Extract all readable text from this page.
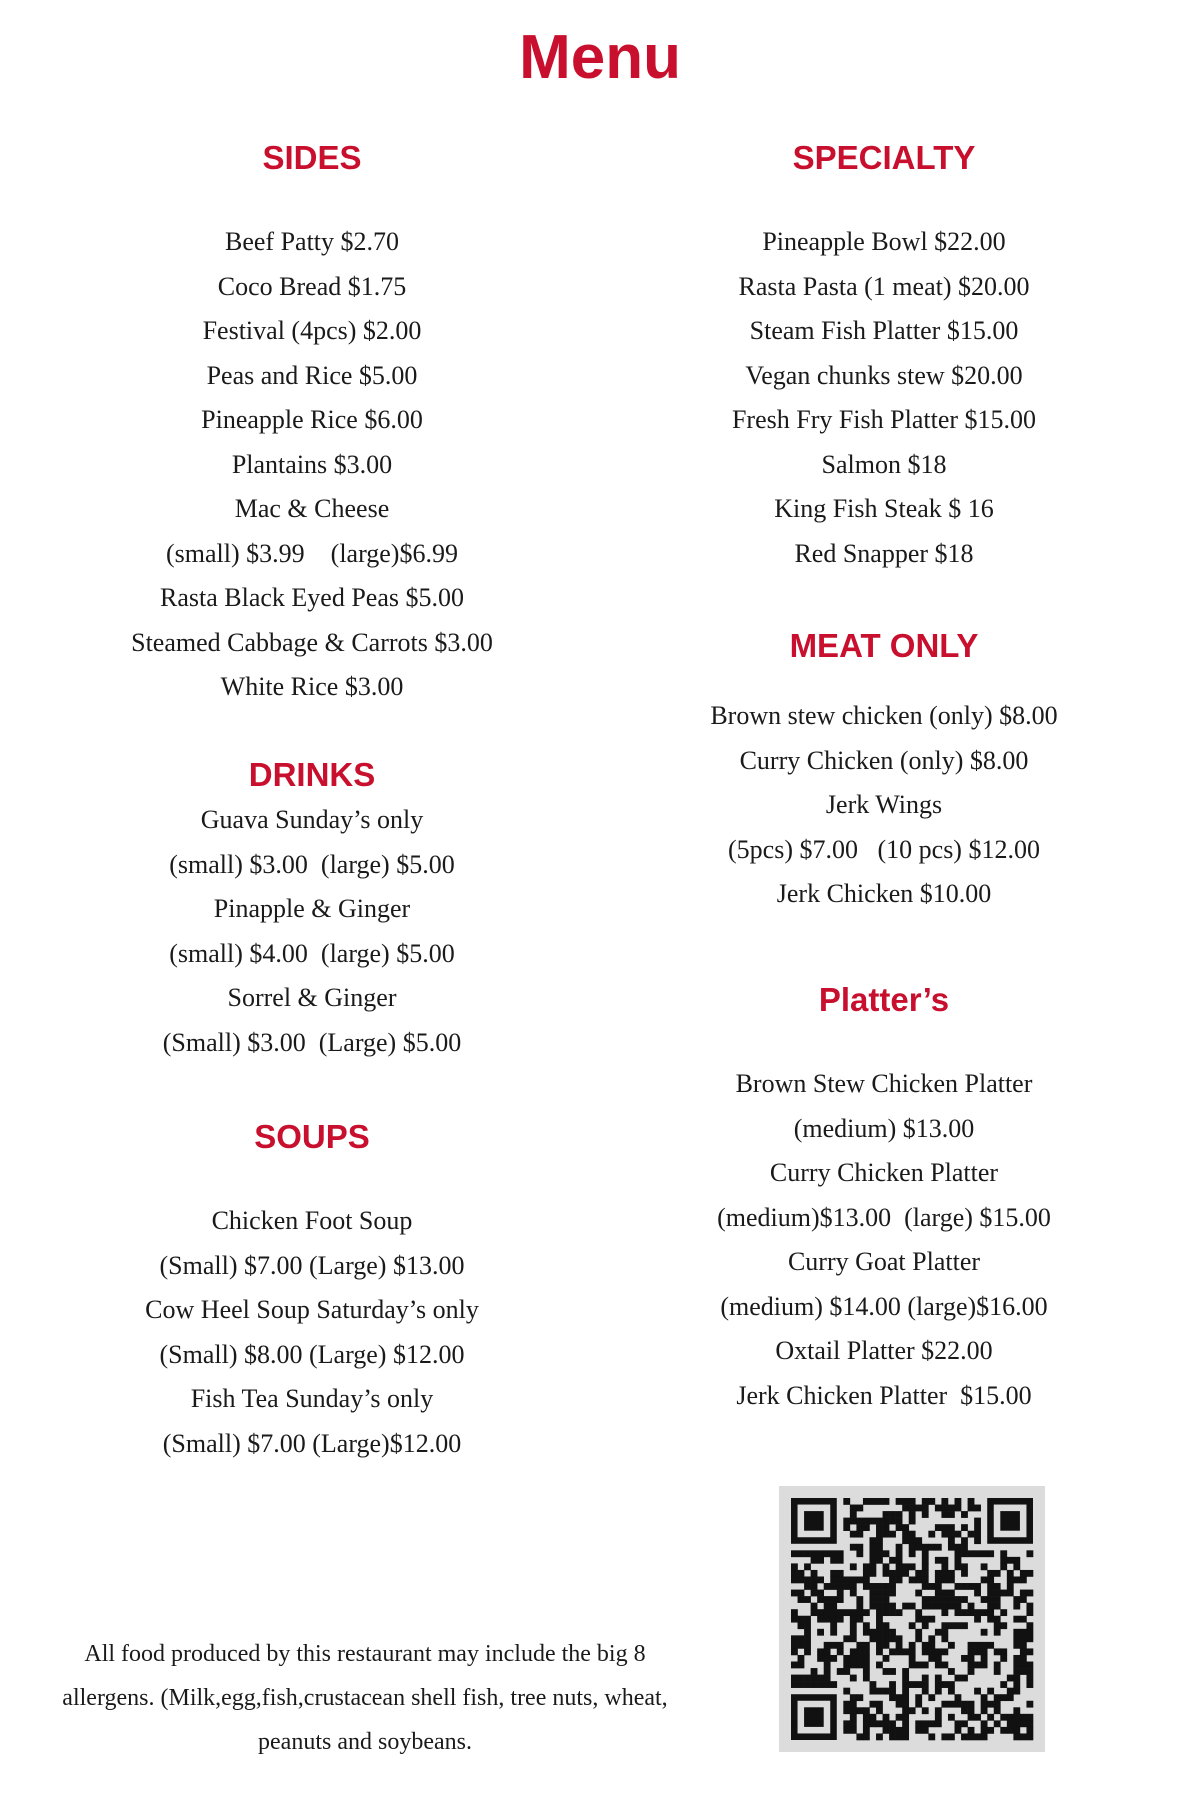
Menu
SIDES
Beef Patty $2.70
Coco Bread $1.75
Festival (4pcs) $2.00
Peas and Rice $5.00
Pineapple Rice $6.00
Plantains $3.00
Mac & Cheese
(small) $3.99    (large)$6.99
Rasta Black Eyed Peas $5.00
Steamed Cabbage & Carrots $3.00
White Rice $3.00
DRINKS
Guava Sunday’s only
(small) $3.00  (large) $5.00
Pinapple & Ginger
(small) $4.00  (large) $5.00
Sorrel & Ginger
(Small) $3.00  (Large) $5.00
SOUPS
Chicken Foot Soup
(Small) $7.00 (Large) $13.00
Cow Heel Soup Saturday’s only
(Small) $8.00 (Large) $12.00
Fish Tea Sunday’s only
(Small) $7.00 (Large)$12.00
SPECIALTY
Pineapple Bowl $22.00
Rasta Pasta (1 meat) $20.00
Steam Fish Platter $15.00
Vegan chunks stew $20.00
Fresh Fry Fish Platter $15.00
Salmon $18
King Fish Steak $ 16
Red Snapper $18
MEAT ONLY
Brown stew chicken (only) $8.00
Curry Chicken (only) $8.00
Jerk Wings
(5pcs) $7.00   (10 pcs) $12.00
Jerk Chicken $10.00
Platter’s
Brown Stew Chicken Platter
(medium) $13.00
Curry Chicken Platter
(medium)$13.00  (large) $15.00
Curry Goat Platter
(medium) $14.00 (large)$16.00
Oxtail Platter $22.00
Jerk Chicken Platter  $15.00
All food produced by this restaurant may include the big 8 allergens. (Milk,egg,fish,crustacean shell fish, tree nuts, wheat, peanuts and soybeans.
